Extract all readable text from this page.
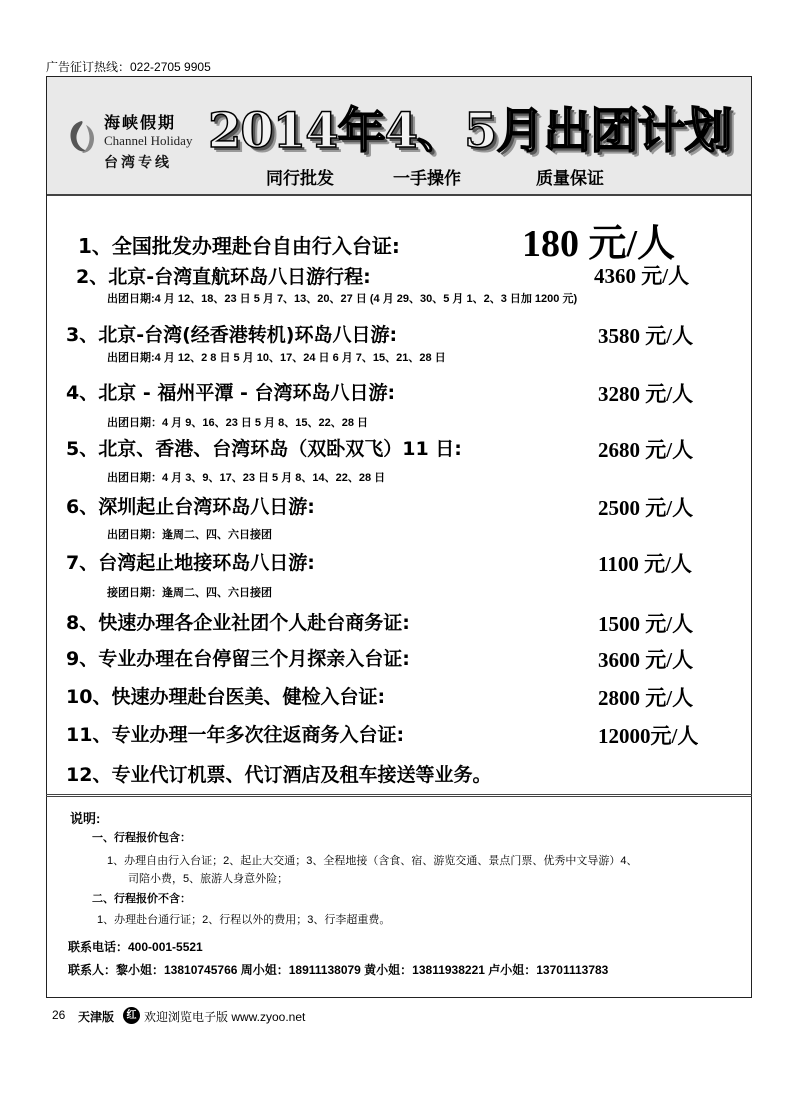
广告征订热线：022-2705 9905
海峡假期
Channel Holiday
台湾专线
2014年4、5月出团计划
同行批发	一手操作	质量保证
1、全国批发办理赴台自由行入台证:	180 元/人
2、北京-台湾直航环岛八日游行程:	4360 元/人
出团日期:4 月 12、18、23 日 5 月 7、13、20、27 日 (4 月 29、30、5 月 1、2、3 日加 1200 元)
3、北京-台湾(经香港转机)环岛八日游:	3580 元/人
出团日期:4 月 12、2 8 日 5 月 10、17、24 日 6 月 7、15、21、28 日
4、北京 - 福州平潭 - 台湾环岛八日游:	3280 元/人
出团日期：4 月 9、16、23 日 5 月 8、15、22、28 日
5、北京、香港、台湾环岛（双卧双飞）11 日:	2680 元/人
出团日期：4 月 3、9、17、23 日 5 月 8、14、22、28 日
6、深圳起止台湾环岛八日游:	2500 元/人
出团日期：逢周二、四、六日接团
7、台湾起止地接环岛八日游:	1100 元/人
接团日期：逢周二、四、六日接团
8、快速办理各企业社团个人赴台商务证:	1500 元/人
9、专业办理在台停留三个月探亲入台证:	3600 元/人
10、快速办理赴台医美、健检入台证:	2800 元/人
11、专业办理一年多次往返商务入台证:	12000元/人
12、专业代订机票、代订酒店及租车接送等业务。
说明:
一、行程报价包含：
1、办理自由行入台证；2、起止大交通；3、全程地接（含食、宿、游览交通、景点门票、优秀中文导游）4、
司陪小费，5、旅游人身意外险；
二、行程报价不含：
1、办理赴台通行证；2、行程以外的费用；3、行李超重费。
联系电话：400-001-5521
联系人：黎小姐：13810745766 周小姐：18911138079 黄小姐：13811938221 卢小姐：13701113783
26 天津版	红 欢迎浏览电子版 www.zyoo.net
